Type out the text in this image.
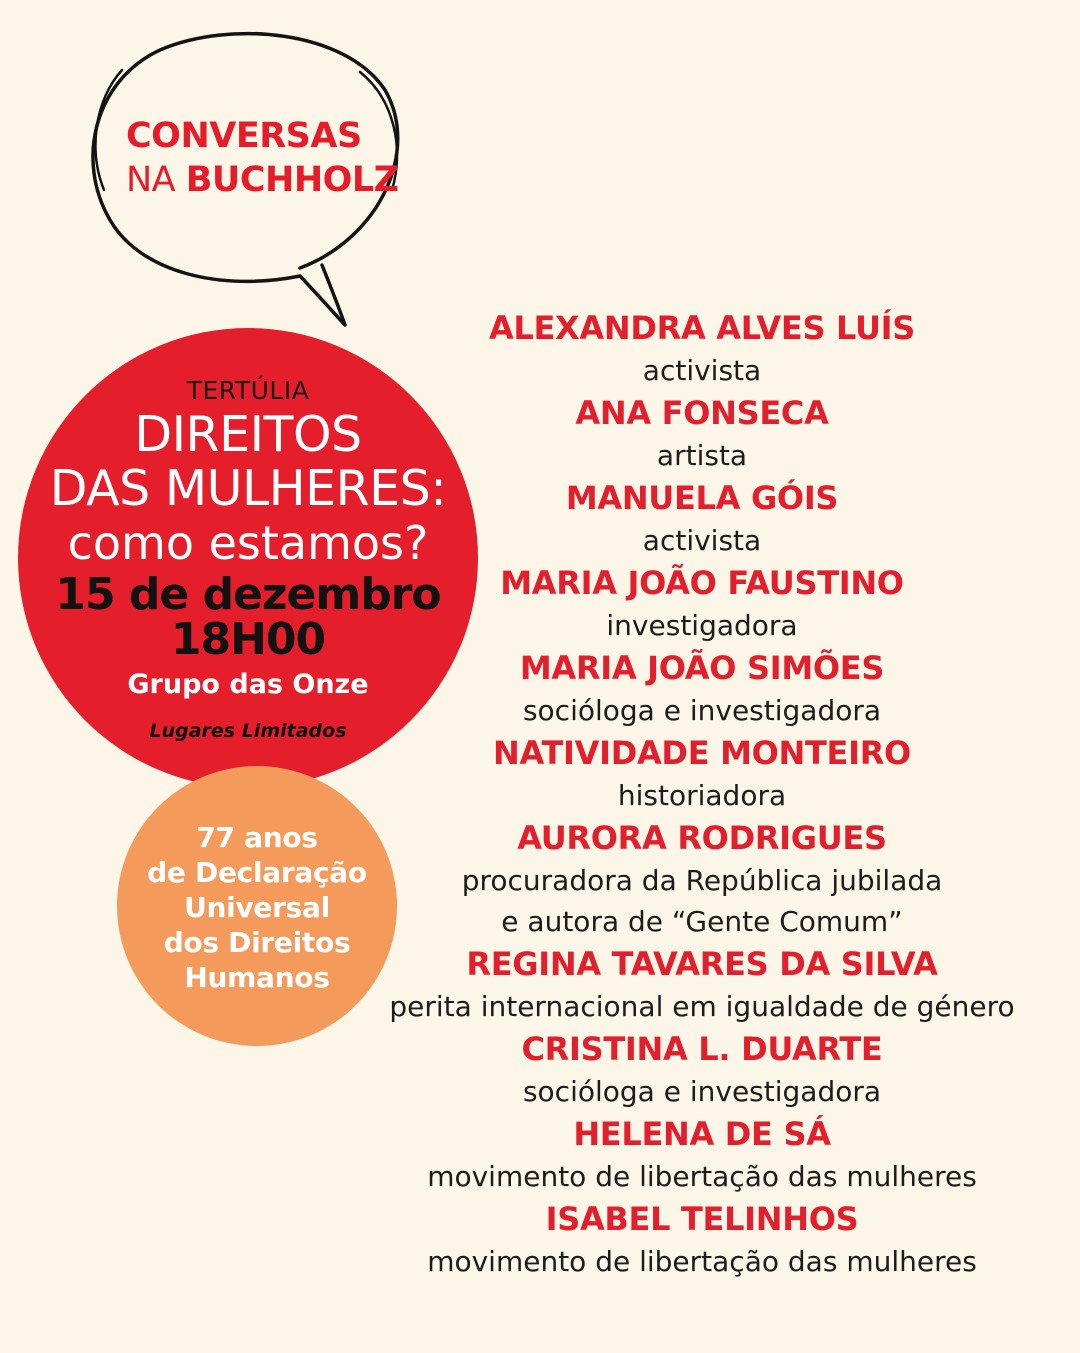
CONVERSAS
NA BUCHHOLZ
TERTÚLIA
DIREITOS
DAS MULHERES:
como estamos?
15 de dezembro
18H00
Grupo das Onze
Lugares Limitados
77 anos
de Declaração
Universal
dos Direitos
Humanos
ALEXANDRA ALVES LUÍS
activista
ANA FONSECA
artista
MANUELA GÓIS
activista
MARIA JOÃO FAUSTINO
investigadora
MARIA JOÃO SIMÕES
socióloga e investigadora
NATIVIDADE MONTEIRO
historiadora
AURORA RODRIGUES
procuradora da República jubilada
e autora de “Gente Comum”
REGINA TAVARES DA SILVA
perita internacional em igualdade de género
CRISTINA L. DUARTE
socióloga e investigadora
HELENA DE SÁ
movimento de libertação das mulheres
ISABEL TELINHOS
movimento de libertação das mulheres
